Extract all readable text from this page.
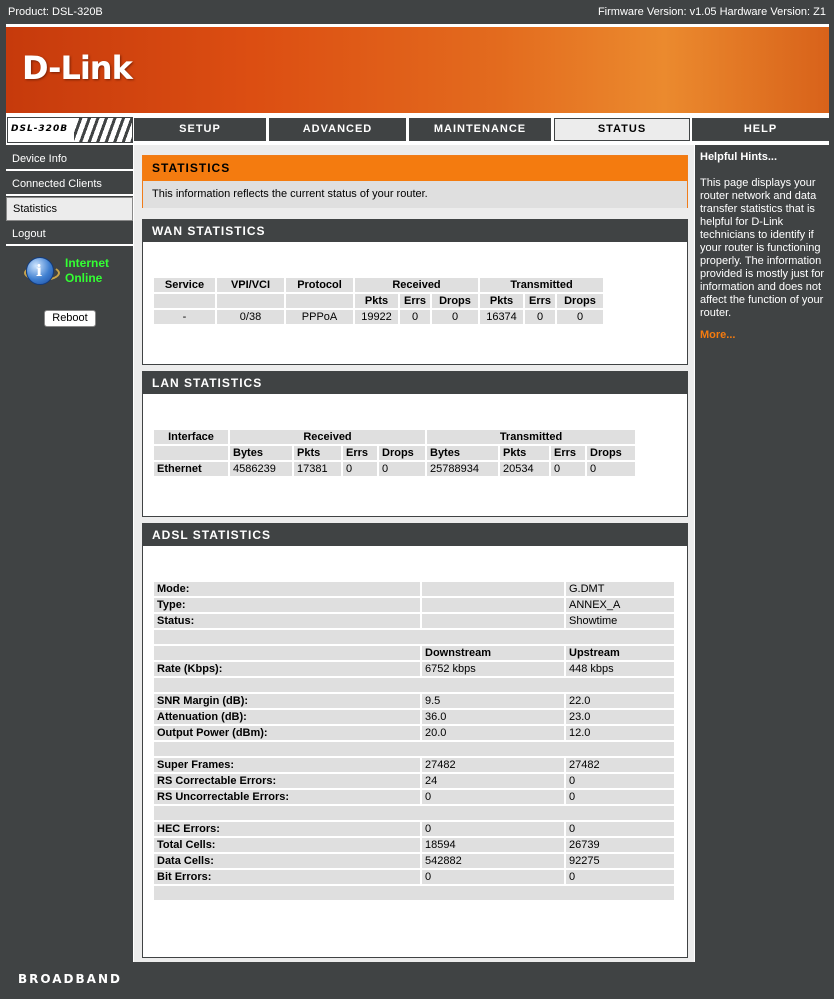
Product: DSL-320B	Firmware Version: v1.05 Hardware Version: Z1
D-Link
DSL-320B	SETUP	ADVANCED	MAINTENANCE	STATUS	HELP
Device Info
Connected Clients
Statistics
Logout
i Internet
Online
Reboot
STATISTICS
This information reflects the current status of your router.
WAN STATISTICS
Service	VPI/VCI	Protocol	Received			Transmitted		
			Pkts	Errs	Drops	Pkts	Errs	Drops
-	0/38	PPPoA	19922	0	0	16374	0	0
LAN STATISTICS
Interface	Received				Transmitted			
	Bytes	Pkts	Errs	Drops	Bytes	Pkts	Errs	Drops
Ethernet	4586239	17381	0	0	25788934	20534	0	0
ADSL STATISTICS
Mode:		G.DMT
Type:		ANNEX_A
Status:		Showtime

	Downstream	Upstream
Rate (Kbps):	6752 kbps	448 kbps

SNR Margin (dB):	9.5	22.0
Attenuation (dB):	36.0	23.0
Output Power (dBm):	20.0	12.0

Super Frames:	27482	27482
RS Correctable Errors:	24	0
RS Uncorrectable Errors:	0	0

HEC Errors:	0	0
Total Cells:	18594	26739
Data Cells:	542882	92275
Bit Errors:	0	0

Helpful Hints...
This page displays your router network and data transfer statistics that is helpful for D-Link technicians to identify if your router is functioning properly. The information provided is mostly just for information and does not affect the function of your router.
More...
BROADBAND
